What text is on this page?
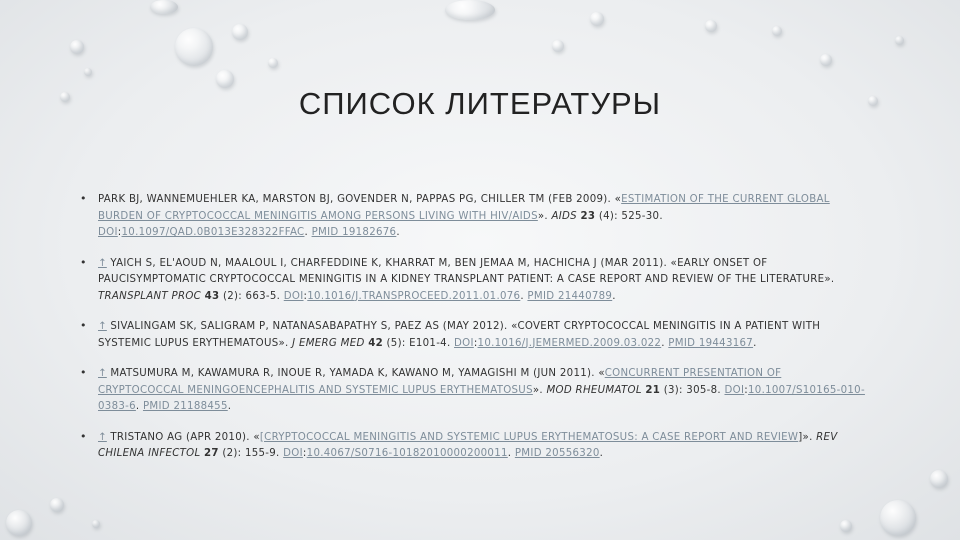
СПИСОК ЛИТЕРАТУРЫ
• PARK BJ, WANNEMUEHLER KA, MARSTON BJ, GOVENDER N, PAPPAS PG, CHILLER TM (FEB 2009). «ESTIMATION OF THE CURRENT GLOBAL BURDEN OF CRYPTOCOCCAL MENINGITIS AMONG PERSONS LIVING WITH HIV/AIDS». AIDS 23 (4): 525-30. DOI:10.1097/QAD.0B013E328322FFAC. PMID 19182676.
• ↑ YAICH S, EL'AOUD N, MAALOUL I, CHARFEDDINE K, KHARRAT M, BEN JEMAA M, HACHICHA J (MAR 2011). «EARLY ONSET OF PAUCISYMPTOMATIC CRYPTOCOCCAL MENINGITIS IN A KIDNEY TRANSPLANT PATIENT: A CASE REPORT AND REVIEW OF THE LITERATURE». TRANSPLANT PROC 43 (2): 663-5. DOI:10.1016/J.TRANSPROCEED.2011.01.076. PMID 21440789.
• ↑ SIVALINGAM SK, SALIGRAM P, NATANASABAPATHY S, PAEZ AS (MAY 2012). «COVERT CRYPTOCOCCAL MENINGITIS IN A PATIENT WITH SYSTEMIC LUPUS ERYTHEMATOUS». J EMERG MED 42 (5): E101-4. DOI:10.1016/J.JEMERMED.2009.03.022. PMID 19443167.
• ↑ MATSUMURA M, KAWAMURA R, INOUE R, YAMADA K, KAWANO M, YAMAGISHI M (JUN 2011). «CONCURRENT PRESENTATION OF CRYPTOCOCCAL MENINGOENCEPHALITIS AND SYSTEMIC LUPUS ERYTHEMATOSUS». MOD RHEUMATOL 21 (3): 305-8. DOI:10.1007/S10165-010-0383-6. PMID 21188455.
• ↑ TRISTANO AG (APR 2010). «[CRYPTOCOCCAL MENINGITIS AND SYSTEMIC LUPUS ERYTHEMATOSUS: A CASE REPORT AND REVIEW]». REV CHILENA INFECTOL 27 (2): 155-9. DOI:10.4067/S0716-10182010000200011. PMID 20556320.
